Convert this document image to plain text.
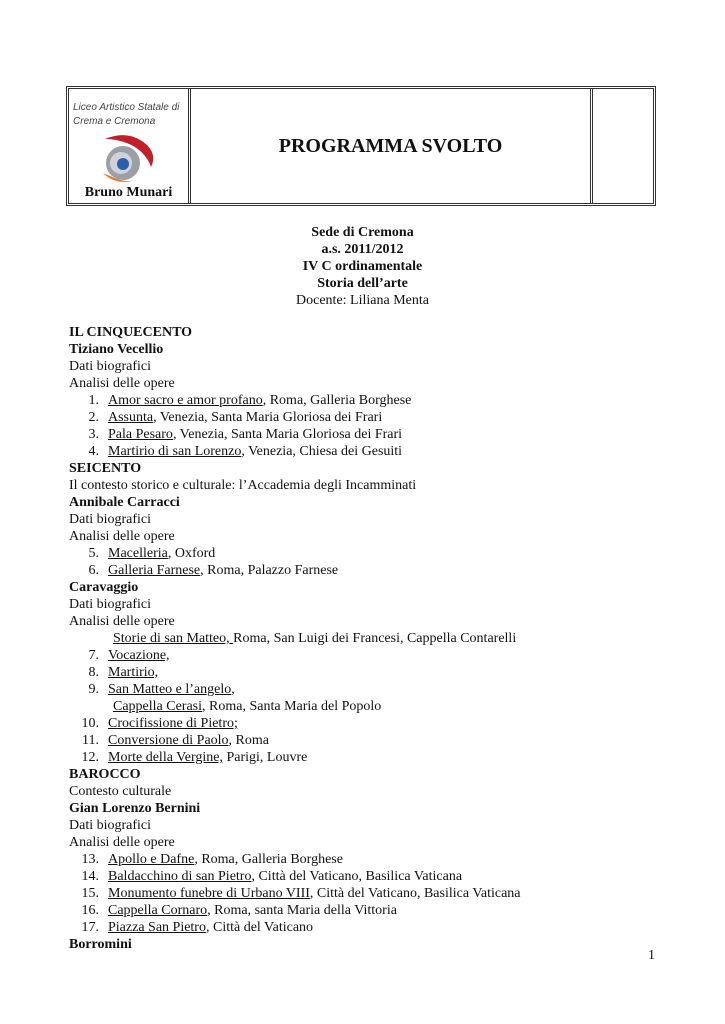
Liceo Artistico Statale di
Crema e Cremona
Bruno Munari
PROGRAMMA SVOLTO
Sede di Cremona
a.s. 2011/2012
IV C ordinamentale
Storia dell’arte
Docente: Liliana Menta
IL CINQUECENTO
Tiziano Vecellio
Dati biografici
Analisi delle opere
1. Amor sacro e amor profano, Roma, Galleria Borghese
2. Assunta, Venezia, Santa Maria Gloriosa dei Frari
3. Pala Pesaro, Venezia, Santa Maria Gloriosa dei Frari
4. Martirio di san Lorenzo, Venezia, Chiesa dei Gesuiti
SEICENTO
Il contesto storico e culturale: l’Accademia degli Incamminati
Annibale Carracci
Dati biografici
Analisi delle opere
5. Macelleria, Oxford
6. Galleria Farnese, Roma, Palazzo Farnese
Caravaggio
Dati biografici
Analisi delle opere
Storie di san Matteo, Roma, San Luigi dei Francesi, Cappella Contarelli
7. Vocazione,
8. Martirio,
9. San Matteo e l’angelo,
Cappella Cerasi, Roma, Santa Maria del Popolo
10. Crocifissione di Pietro;
11. Conversione di Paolo, Roma
12. Morte della Vergine, Parigi, Louvre
BAROCCO
Contesto culturale
Gian Lorenzo Bernini
Dati biografici
Analisi delle opere
13. Apollo e Dafne, Roma, Galleria Borghese
14. Baldacchino di san Pietro, Città del Vaticano, Basilica Vaticana
15. Monumento funebre di Urbano VIII, Città del Vaticano, Basilica Vaticana
16. Cappella Cornaro, Roma, santa Maria della Vittoria
17. Piazza San Pietro, Città del Vaticano
Borromini
1
